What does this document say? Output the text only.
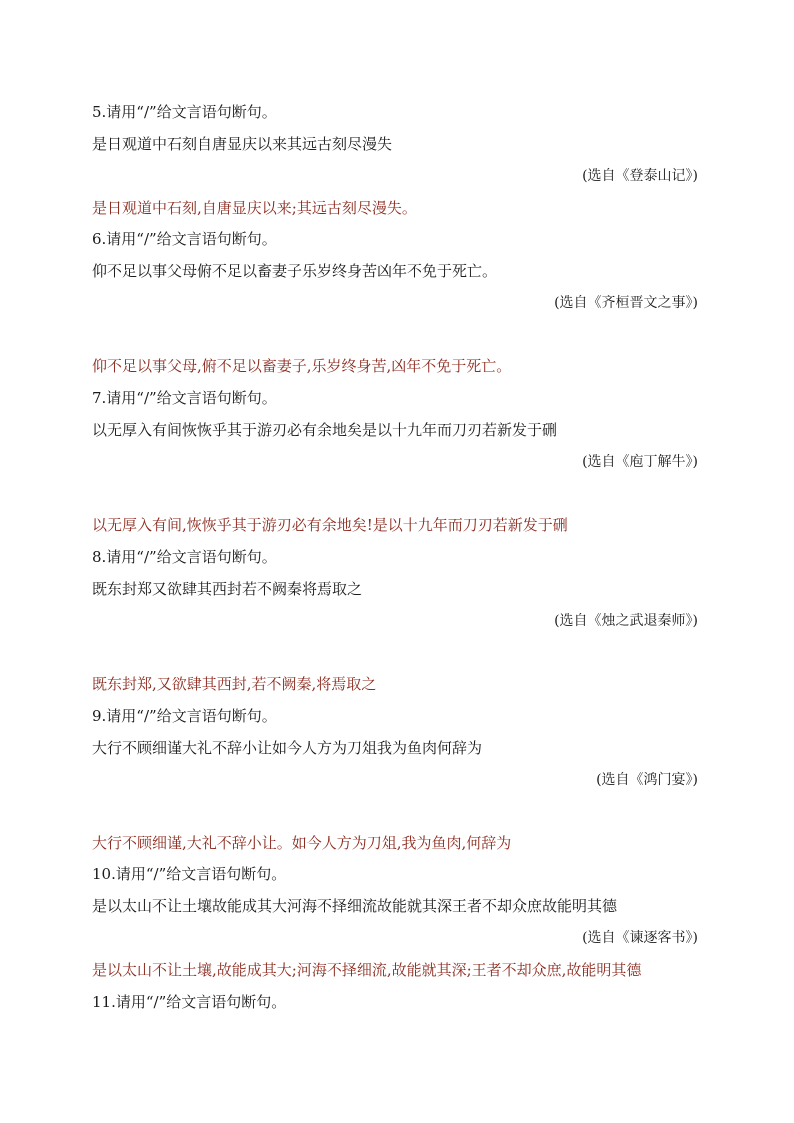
5.请用“/”给文言语句断句。
是日观道中石刻自唐显庆以来其远古刻尽漫失
(选自《登泰山记》)
是日观道中石刻,自唐显庆以来;其远古刻尽漫失。
6.请用“/”给文言语句断句。
仰不足以事父母俯不足以畜妻子乐岁终身苦凶年不免于死亡。
(选自《齐桓晋文之事》)
仰不足以事父母,俯不足以畜妻子,乐岁终身苦,凶年不免于死亡。
7.请用“/”给文言语句断句。
以无厚入有间恢恢乎其于游刃必有余地矣是以十九年而刀刃若新发于硎
(选自《庖丁解牛》)
以无厚入有间,恢恢乎其于游刃必有余地矣!是以十九年而刀刃若新发于硎
8.请用“/”给文言语句断句。
既东封郑又欲肆其西封若不阙秦将焉取之
(选自《烛之武退秦师》)
既东封郑,又欲肆其西封,若不阙秦,将焉取之
9.请用“/”给文言语句断句。
大行不顾细谨大礼不辞小让如今人方为刀俎我为鱼肉何辞为
(选自《鸿门宴》)
大行不顾细谨,大礼不辞小让。如今人方为刀俎,我为鱼肉,何辞为
10.请用“/”给文言语句断句。
是以太山不让土壤故能成其大河海不择细流故能就其深王者不却众庶故能明其德
(选自《谏逐客书》)
是以太山不让土壤,故能成其大;河海不择细流,故能就其深;王者不却众庶,故能明其德
11.请用“/”给文言语句断句。
